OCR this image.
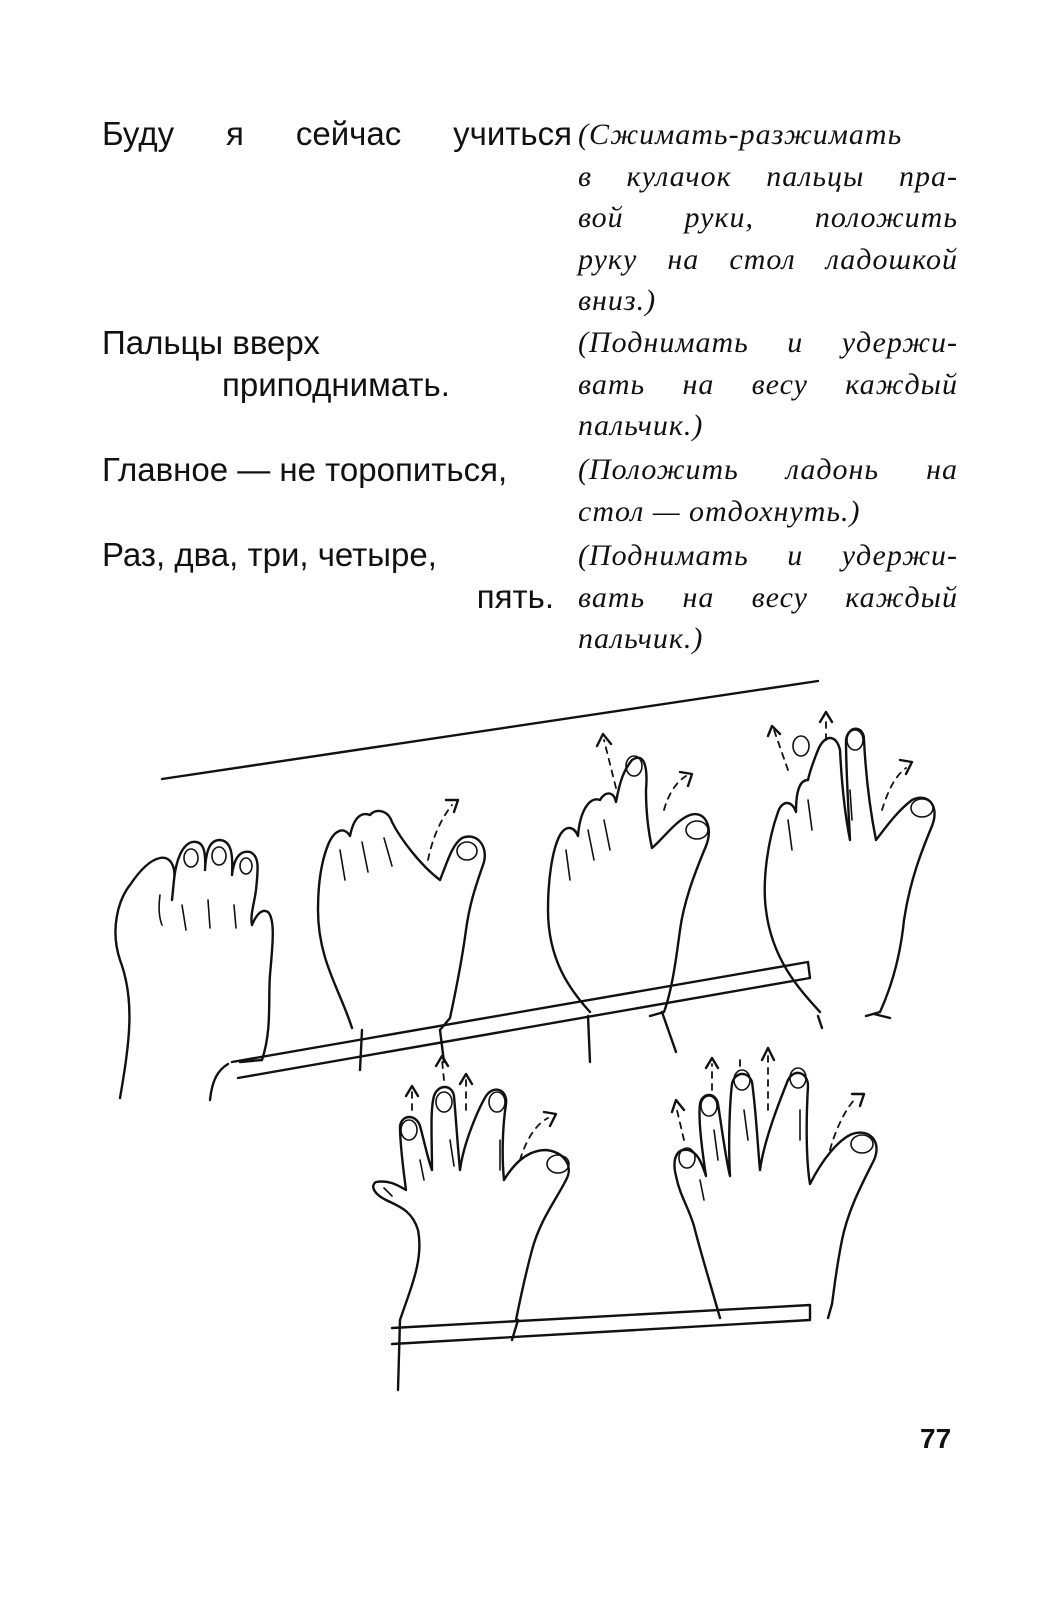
Буду я сейчас учиться (Сжимать-разжимать
в кулачок пальцы пра-
вой руки, положить
руку на стол ладошкой
вниз.)
Пальцы вверх
приподнимать.
(Поднимать и удержи-
вать на весу каждый
пальчик.)
Главное — не торопиться,	(Положить ладонь на
стол — отдохнуть.)
Раз, два, три, четыре,
пять.
(Поднимать и удержи-
вать на весу каждый
пальчик.)
77
